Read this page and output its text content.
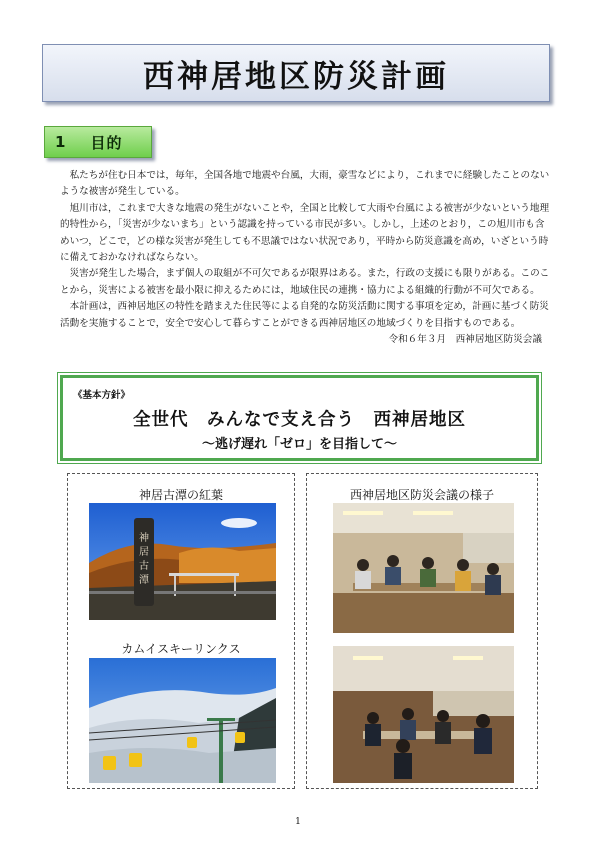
西神居地区防災計画
1 目的

私たちが住む日本では，毎年，全国各地で地震や台風，大雨，豪雪などにより，これまでに経験したことのないような被害が発生している。

旭川市は，これまで大きな地震の発生がないことや，全国と比較して大雨や台風による被害が少ないという地理的特性から，「災害が少ないまち」という認識を持っている市民が多い。しかし，上述のとおり，この旭川市も含めいつ，どこで，どの様な災害が発生しても不思議ではない状況であり，平時から防災意識を高め，いざという時に備えておかなければならない。

災害が発生した場合，まず個人の取組が不可欠であるが限界はある。また，行政の支援にも限りがある。このことから，災害による被害を最小限に抑えるためには，地域住民の連携・協力による組織的行動が不可欠である。

本計画は，西神居地区の特性を踏まえた住民等による自発的な防災活動に関する事項を定め，計画に基づく防災活動を実施することで，安全で安心して暮らすことができる西神居地区の地域づくりを目指すものである。

令和６年３月　西神居地区防災会議

《基本方針》
全世代　みんなで支え合う　西神居地区
～逃げ遅れ「ゼロ」を目指して～
神居古潭の紅葉
神
居
古
潭
カムイスキーリンクス
西神居地区防災会議の様子
1
